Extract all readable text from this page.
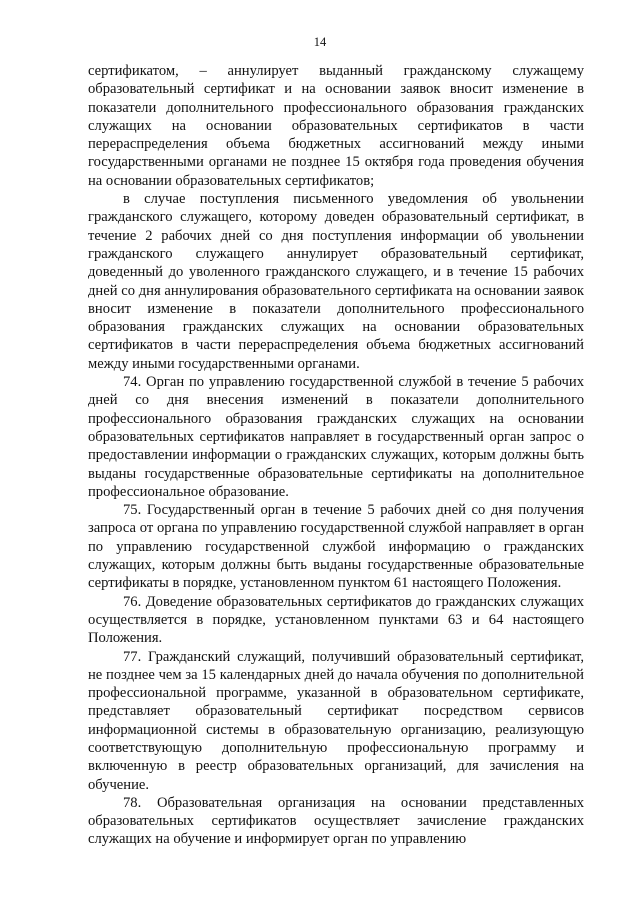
14

сертификатом, – аннулирует выданный гражданскому служащему образовательный сертификат и на основании заявок вносит изменение в показатели дополнительного профессионального образования гражданских служащих на основании образовательных сертификатов в части перераспределения объема бюджетных ассигнований между иными государственными органами не позднее 15 октября года проведения обучения на основании образовательных сертификатов;

в случае поступления письменного уведомления об увольнении гражданского служащего, которому доведен образовательный сертификат, в течение 2 рабочих дней со дня поступления информации об увольнении гражданского служащего аннулирует образовательный сертификат, доведенный до уволенного гражданского служащего, и в течение 15 рабочих дней со дня аннулирования образовательного сертификата на основании заявок вносит изменение в показатели дополнительного профессионального образования гражданских служащих на основании образовательных сертификатов в части перераспределения объема бюджетных ассигнований между иными государственными органами.

74. Орган по управлению государственной службой в течение 5 рабочих дней со дня внесения изменений в показатели дополнительного профессионального образования гражданских служащих на основании образовательных сертификатов направляет в государственный орган запрос о предоставлении информации о гражданских служащих, которым должны быть выданы государственные образовательные сертификаты на дополнительное профессиональное образование.

75. Государственный орган в течение 5 рабочих дней со дня получения запроса от органа по управлению государственной службой направляет в орган по управлению государственной службой информацию о гражданских служащих, которым должны быть выданы государственные образовательные сертификаты в порядке, установленном пунктом 61 настоящего Положения.

76. Доведение образовательных сертификатов до гражданских служащих осуществляется в порядке, установленном пунктами 63 и 64 настоящего Положения.

77. Гражданский служащий, получивший образовательный сертификат, не позднее чем за 15 календарных дней до начала обучения по дополнительной профессиональной программе, указанной в образовательном сертификате, представляет образовательный сертификат посредством сервисов информационной системы в образовательную организацию, реализующую соответствующую дополнительную профессиональную программу и включенную в реестр образовательных организаций, для зачисления на обучение.

78. Образовательная организация на основании представленных образовательных сертификатов осуществляет зачисление гражданских служащих на обучение и информирует орган по управлению
